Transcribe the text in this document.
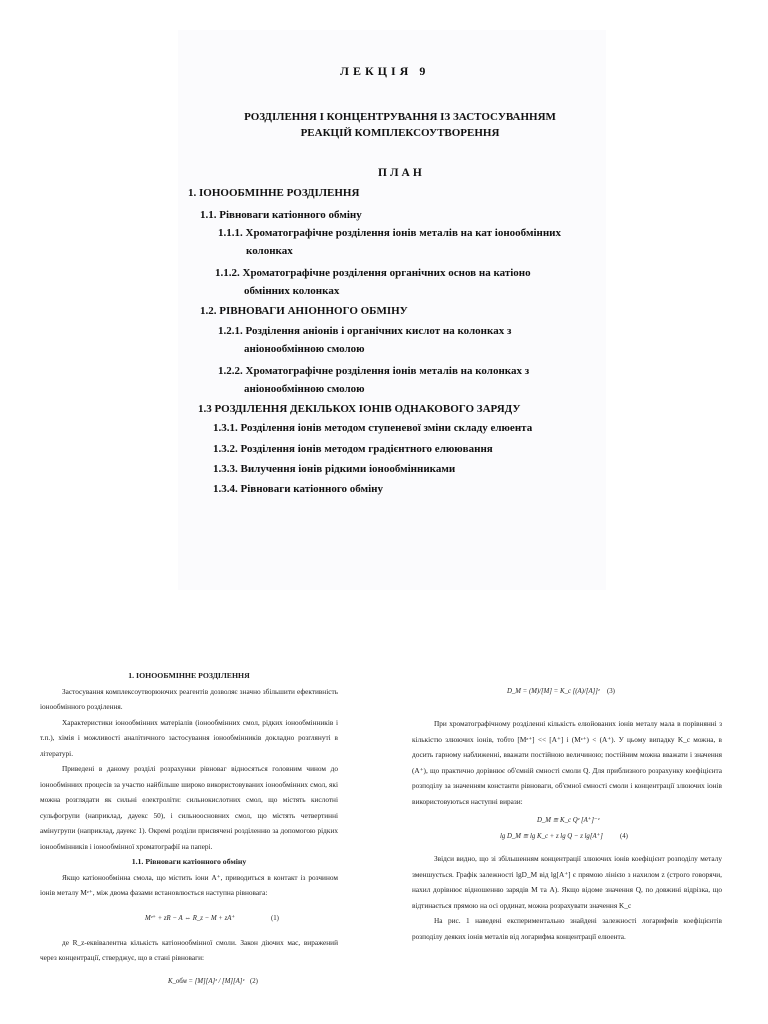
ЛЕКЦІЯ 9
РОЗДІЛЕННЯ І КОНЦЕНТРУВАННЯ ІЗ ЗАСТОСУВАННЯМ
РЕАКЦІЙ КОМПЛЕКСОУТВОРЕННЯ
ПЛАН
1. ІОНООБМІННЕ РОЗДІЛЕННЯ
1.1. Рівноваги катіонного обміну
1.1.1. Хроматографічне розділення іонів металів на кат іонообмінних
колонках
1.1.2. Хроматографічне розділення органічних основ на катіоно
обмінних колонках
1.2. РІВНОВАГИ АНІОННОГО ОБМІНУ
1.2.1. Розділення аніонів і органічних кислот на колонках з
аніонообмінною смолою
1.2.2. Хроматографічне розділення іонів металів на колонках з
аніонообмінною смолою
1.3 РОЗДІЛЕННЯ ДЕКІЛЬКОХ ІОНІВ ОДНАКОВОГО ЗАРЯДУ
1.3.1. Розділення іонів методом ступеневої зміни складу елюента
1.3.2. Розділення іонів методом градієнтного елюювання
1.3.3. Вилучення іонів рідкими іонообмінниками
1.3.4. Рівноваги катіонного обміну
1. ІОНООБМІННЕ РОЗДІЛЕННЯ
Застосування комплексоутворюючих реагентів дозволяє значно збільшити ефективність іонообмінного розділення.
Характеристики іонообмінних матеріалів (іонообмінних смол, рідких іонообмінників і т.п.), хімія і можливості аналітичного застосування іонообмінників докладно розглянуті в літературі.
Приведені в даному розділі розрахунки рівноваг відносяться головним чином до іонообмінних процесів за участю найбільше широко використовуваних іонообмінних смол, які можна розглядати як сильні електроліти: сильнокислотних смол, що містять кислотні сульфогрупи (наприклад, дауекс 50), і сильноосновних смол, що містять четвертинні амінугрупи (наприклад, дауекс 1). Окремі розділи присвячені розділенню за допомогою рідких іонообмінників і іонообмінної хроматографії на папері.
1.1. Рівноваги катіонного обміну
Якщо катіонообмінна смола, що містить іони A⁺, приводиться в контакт із розчином іонів металу Mᶻ⁺, між двома фазами встановлюється наступна рівновага:
Mᶻ⁺ + zR − A ⇔ R_z − M + zA⁺	(1)
де R_z-еквівалентна кількість катіонообмінної смоли. Закон діючих мас, виражений через концентрації, стверджує, що в стані рівноваги:
K_обм = [M][A]ᶻ / [M][A]ᶻ (2)
D_M = (M)/[M] = K_c [(A)/[A]]ᶻ (3)
При хроматографічному розділенні кількість елюйованих іонів металу мала в порівнянні з кількістю злюючих іонів, тобто [Mᶻ⁺] << [A⁺] і (Mᶻ⁺) < (A⁺). У цьому випадку K_c можна, в досить гарному наближенні, вважати постійною величиною; постійним можна вважати і значення (A⁺), що практично дорівнює об'ємній ємності смоли Q. Для приблизного розрахунку коефіцієнта розподілу за значенням константи рівноваги, об'ємної ємності смоли і концентрації злюючих іонів використовуються наступні вирази:
D_M ≅ K_c Qᶻ [A⁺]⁻ᶻ
lg D_M ≅ lg K_c + z lg Q − z lg[A⁺]	(4)
Звідси видно, що зі збільшенням концентрації злюючих іонів коефіцієнт розподілу металу зменшується. Графік залежності lgD_M від lg[A⁺] є прямою лінією з нахилом z (строго говорячи, нахил дорівнює відношенню зарядів M та A). Якщо відоме значення Q, по довжині відрізка, що відтинається прямою на осі ординат, можна розрахувати значення K_c
На рис. 1 наведені експериментально знайдені залежності логарифмів коефіцієнтів розподілу деяких іонів металів від логарифма концентрації елюента.
